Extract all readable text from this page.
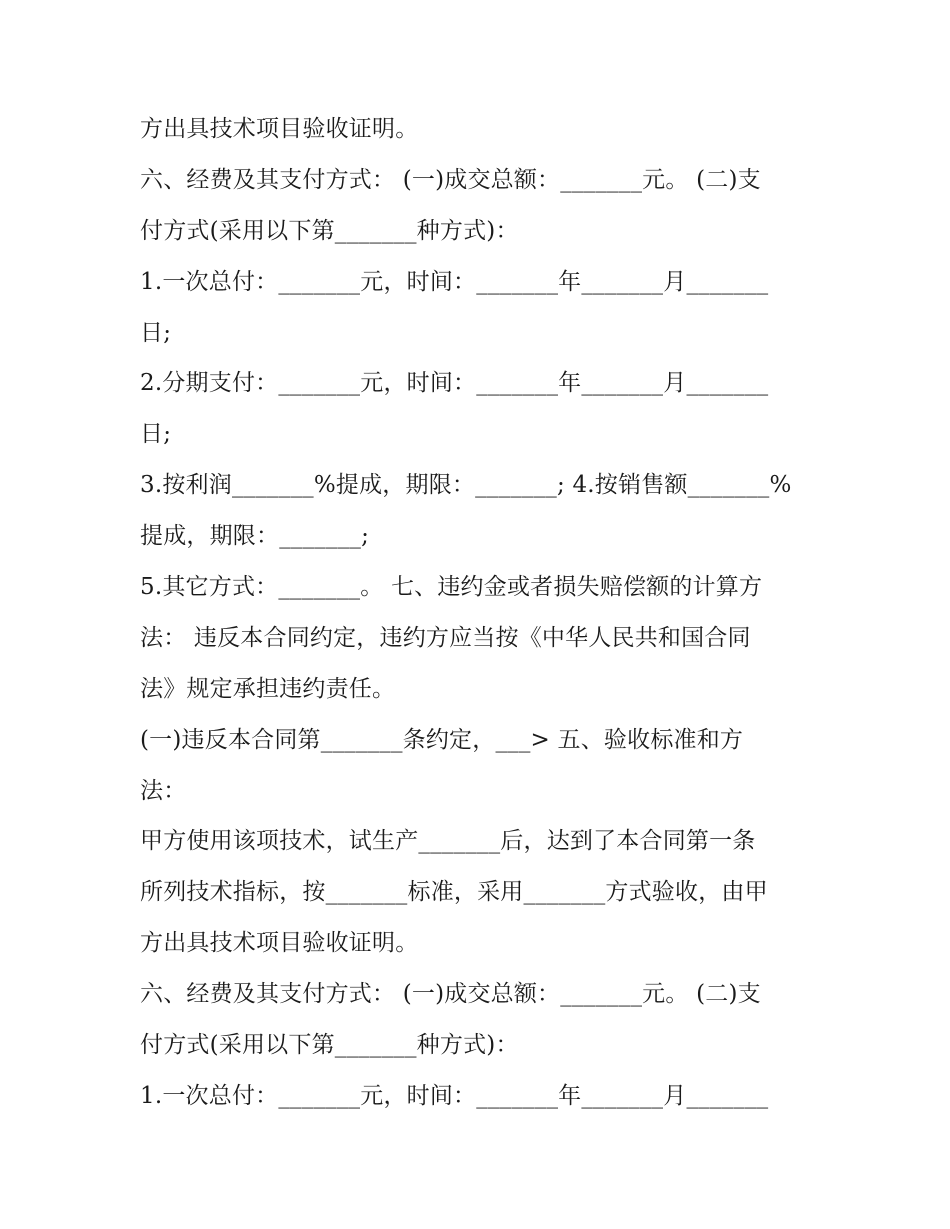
方出具技术项目验收证明。
六、经费及其支付方式： (一)成交总额：_______元。 (二)支
付方式(采用以下第_______种方式)：
1.一次总付：_______元，时间：_______年_______月_______
日;
2.分期支付：_______元，时间：_______年_______月_______
日;
3.按利润_______%提成，期限：_______; 4.按销售额_______%
提成，期限：_______;
5.其它方式：_______。 七、违约金或者损失赔偿额的计算方
法： 违反本合同约定，违约方应当按《中华人民共和国合同
法》规定承担违约责任。
(一)违反本合同第_______条约定，___> 五、验收标准和方
法：
甲方使用该项技术，试生产_______后，达到了本合同第一条
所列技术指标，按_______标准，采用_______方式验收，由甲
方出具技术项目验收证明。
六、经费及其支付方式： (一)成交总额：_______元。 (二)支
付方式(采用以下第_______种方式)：
1.一次总付：_______元，时间：_______年_______月_______
